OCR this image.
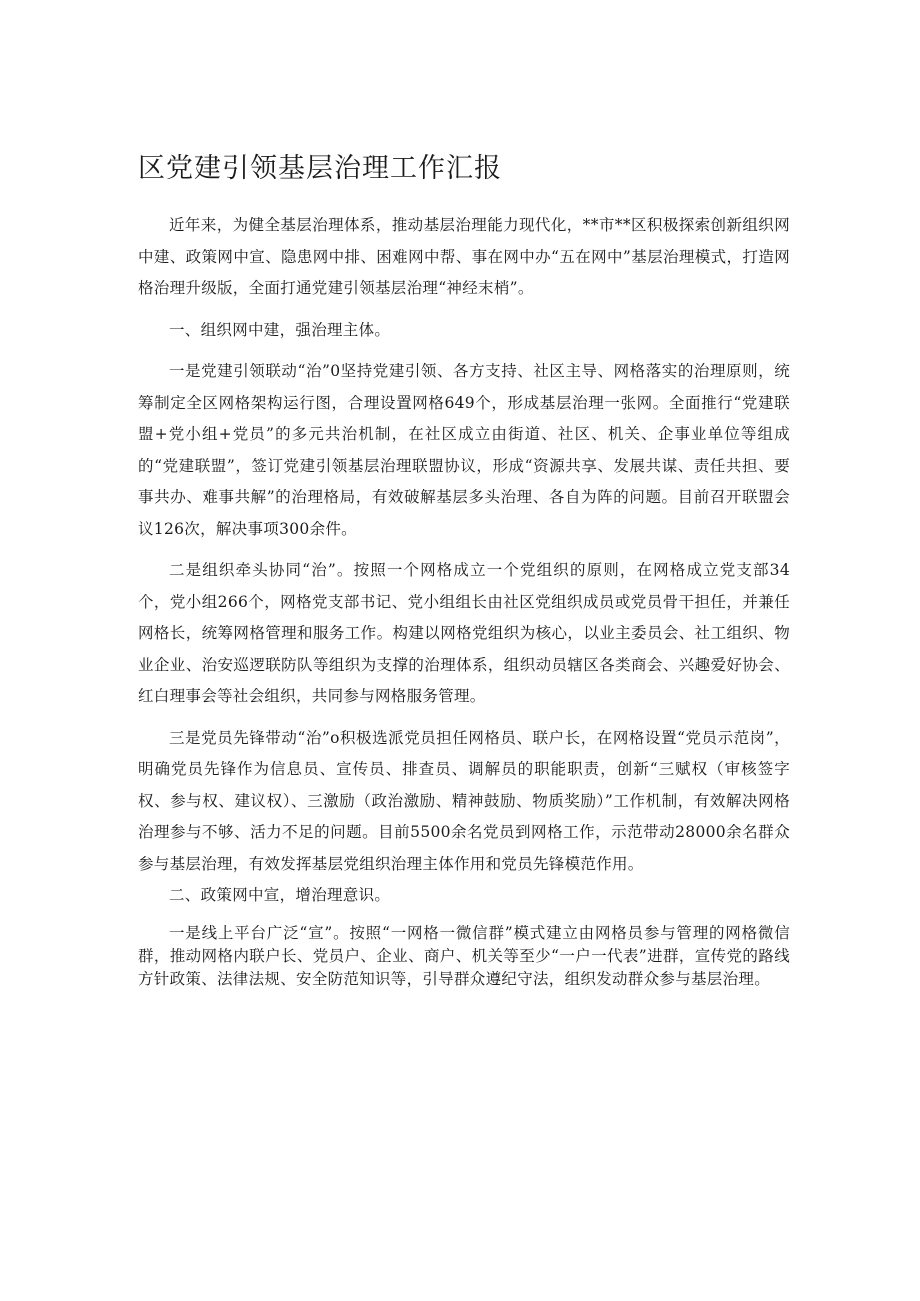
区党建引领基层治理工作汇报

近年来，为健全基层治理体系，推动基层治理能力现代化，**市**区积极探索创新组织网中建、政策网中宣、隐患网中排、困难网中帮、事在网中办“五在网中”基层治理模式，打造网格治理升级版，全面打通党建引领基层治理“神经末梢”。

一、组织网中建，强治理主体。

一是党建引领联动“治”0坚持党建引领、各方支持、社区主导、网格落实的治理原则，统筹制定全区网格架构运行图，合理设置网格649个，形成基层治理一张网。全面推行“党建联盟+党小组+党员”的多元共治机制，在社区成立由街道、社区、机关、企事业单位等组成的“党建联盟”，签订党建引领基层治理联盟协议，形成“资源共享、发展共谋、责任共担、要事共办、难事共解”的治理格局，有效破解基层多头治理、各自为阵的问题。目前召开联盟会议126次，解决事项300余件。

二是组织牵头协同“治”。按照一个网格成立一个党组织的原则，在网格成立党支部34个，党小组266个，网格党支部书记、党小组组长由社区党组织成员或党员骨干担任，并兼任网格长，统筹网格管理和服务工作。构建以网格党组织为核心，以业主委员会、社工组织、物业企业、治安巡逻联防队等组织为支撑的治理体系，组织动员辖区各类商会、兴趣爱好协会、红白理事会等社会组织，共同参与网格服务管理。

三是党员先锋带动“治”o积极选派党员担任网格员、联户长，在网格设置“党员示范岗”，明确党员先锋作为信息员、宣传员、排查员、调解员的职能职责，创新“三赋权（审核签字权、参与权、建议权）、三激励（政治激励、精神鼓励、物质奖励）”工作机制，有效解决网格治理参与不够、活力不足的问题。目前5500余名党员到网格工作，示范带动28000余名群众参与基层治理，有效发挥基层党组织治理主体作用和党员先锋模范作用。

二、政策网中宣，增治理意识。

一是线上平台广泛“宣”。按照“一网格一微信群”模式建立由网格员参与管理的网格微信群，推动网格内联户长、党员户、企业、商户、机关等至少“一户一代表”进群，宣传党的路线方针政策、法律法规、安全防范知识等，引导群众遵纪守法，组织发动群众参与基层治理。
